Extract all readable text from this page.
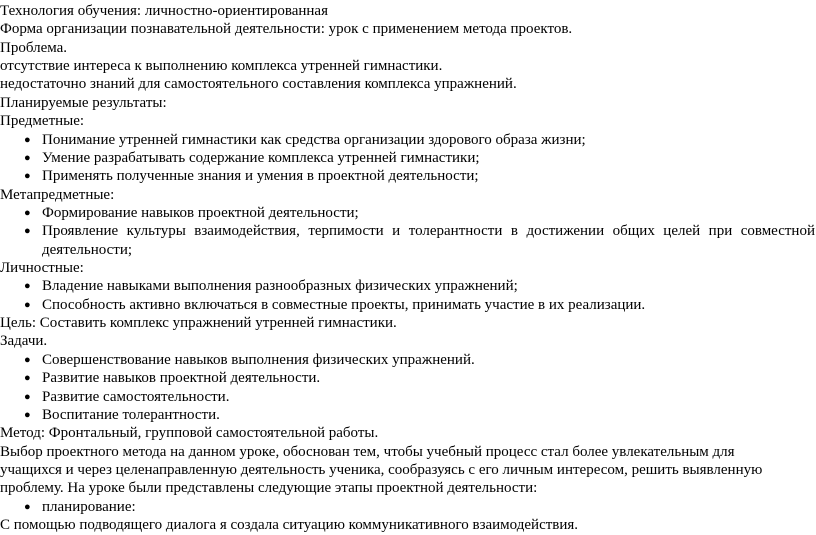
Технология обучения: личностно-ориентированная
Форма организации познавательной деятельности: урок с применением метода проектов.
Проблема.
отсутствие интереса к выполнению комплекса утренней гимнастики.
недостаточно знаний для самостоятельного составления комплекса упражнений.
Планируемые результаты:
Предметные:
● Понимание утренней гимнастики как средства организации здорового образа жизни;
● Умение разрабатывать содержание комплекса утренней гимнастики;
● Применять полученные знания и умения в проектной деятельности;
Метапредметные:
● Формирование навыков проектной деятельности;
● Проявление культуры взаимодействия, терпимости и толерантности в достижении общих целей при совместной
деятельности;
Личностные:
● Владение навыками выполнения разнообразных физических упражнений;
● Способность активно включаться в совместные проекты, принимать участие в их реализации.
Цель: Составить комплекс упражнений утренней гимнастики.
Задачи.
● Совершенствование навыков выполнения физических упражнений.
● Развитие навыков проектной деятельности.
● Развитие самостоятельности.
● Воспитание толерантности.
Метод: Фронтальный, групповой самостоятельной работы.
Выбор проектного метода на данном уроке, обоснован тем, чтобы учебный процесс стал более увлекательным для
учащихся и через целенаправленную деятельность ученика, сообразуясь с его личным интересом, решить выявленную
проблему. На уроке были представлены следующие этапы проектной деятельности:
● планирование:
С помощью подводящего диалога я создала ситуацию коммуникативного взаимодействия.
